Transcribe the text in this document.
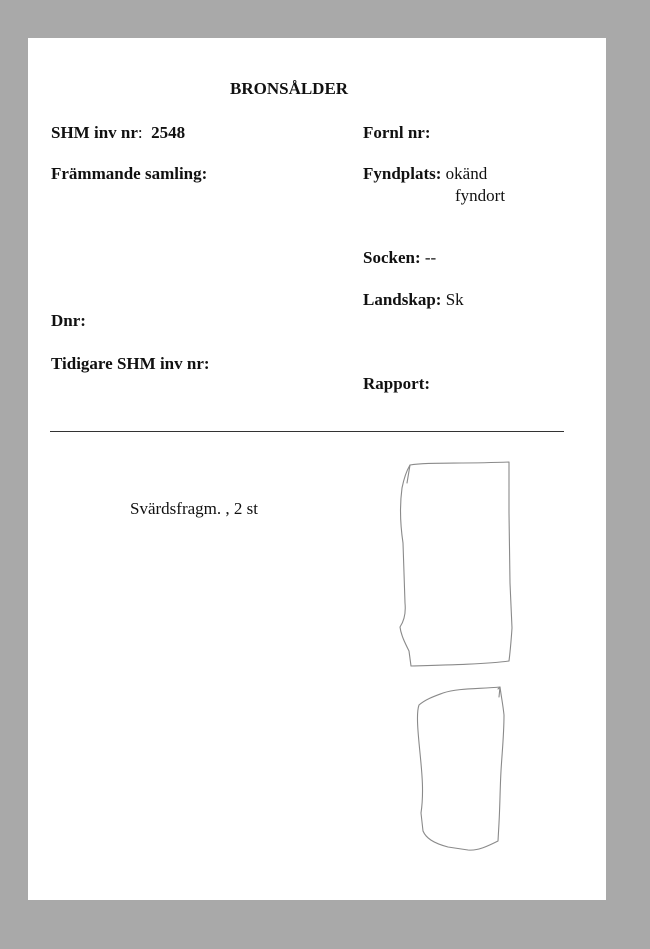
BRONSÅLDER
SHM inv nr: 2548
Främmande samling:
Dnr:
Tidigare SHM inv nr:
Fornl nr:
Fyndplats: okänd
fyndort
Socken: --
Landskap: Sk
Rapport:
Svärdsfragm. , 2 st
